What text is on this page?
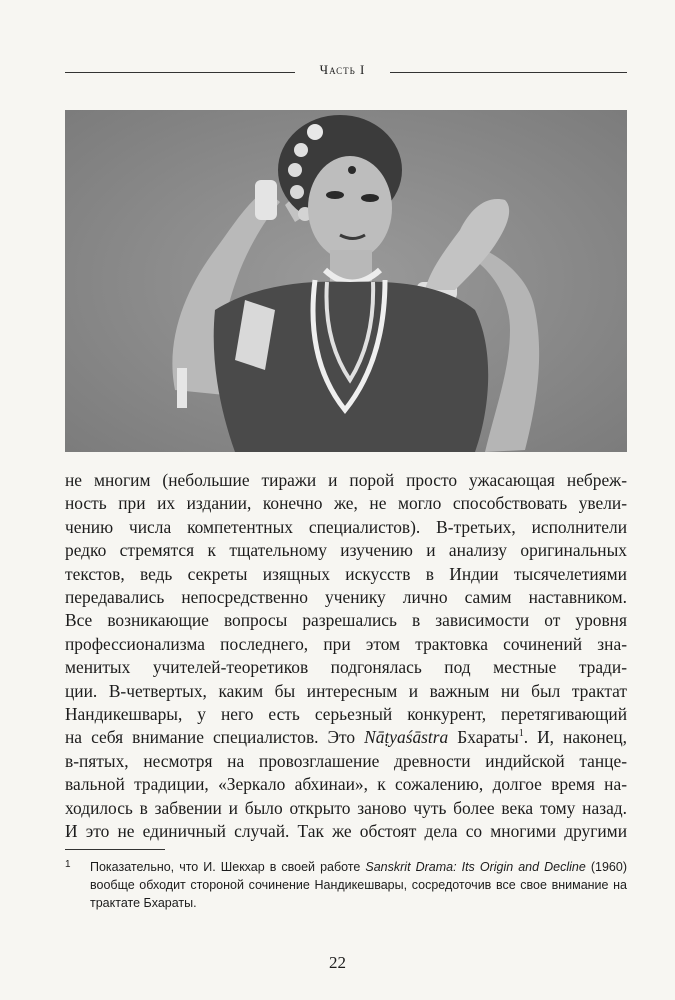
Часть I
не многим (небольшие тиражи и порой просто ужасающая небреж-
ность при их издании, конечно же, не могло способствовать увели-
чению числа компетентных специалистов). В-третьих, исполнители
редко стремятся к тщательному изучению и анализу оригинальных
текстов, ведь секреты изящных искусств в Индии тысячелетиями
передавались непосредственно ученику лично самим наставником.
Все возникающие вопросы разрешались в зависимости от уровня
профессионализма последнего, при этом трактовка сочинений зна-
менитых учителей-теоретиков подгонялась под местные тради-
ции. В-четвертых, каким бы интересным и важным ни был трактат
Нандикешвары, у него есть серьезный конкурент, перетягивающий
на себя внимание специалистов. Это Nāṭyaśāstra Бхараты$^1$. И, наконец,
в-пятых, несмотря на провозглашение древности индийской танце-
вальной традиции, «Зеркало абхинаи», к сожалению, долгое время на-
ходилось в забвении и было открыто заново чуть более века тому назад.
И это не единичный случай. Так же обстоят дела со многими другими
1 Показательно, что И. Шекхар в своей работе Sanskrit Drama: Its Origin and Decline (1960) вообще обходит стороной сочинение Нандикешвары, сосредоточив все свое внимание на трактате Бхараты.
22
